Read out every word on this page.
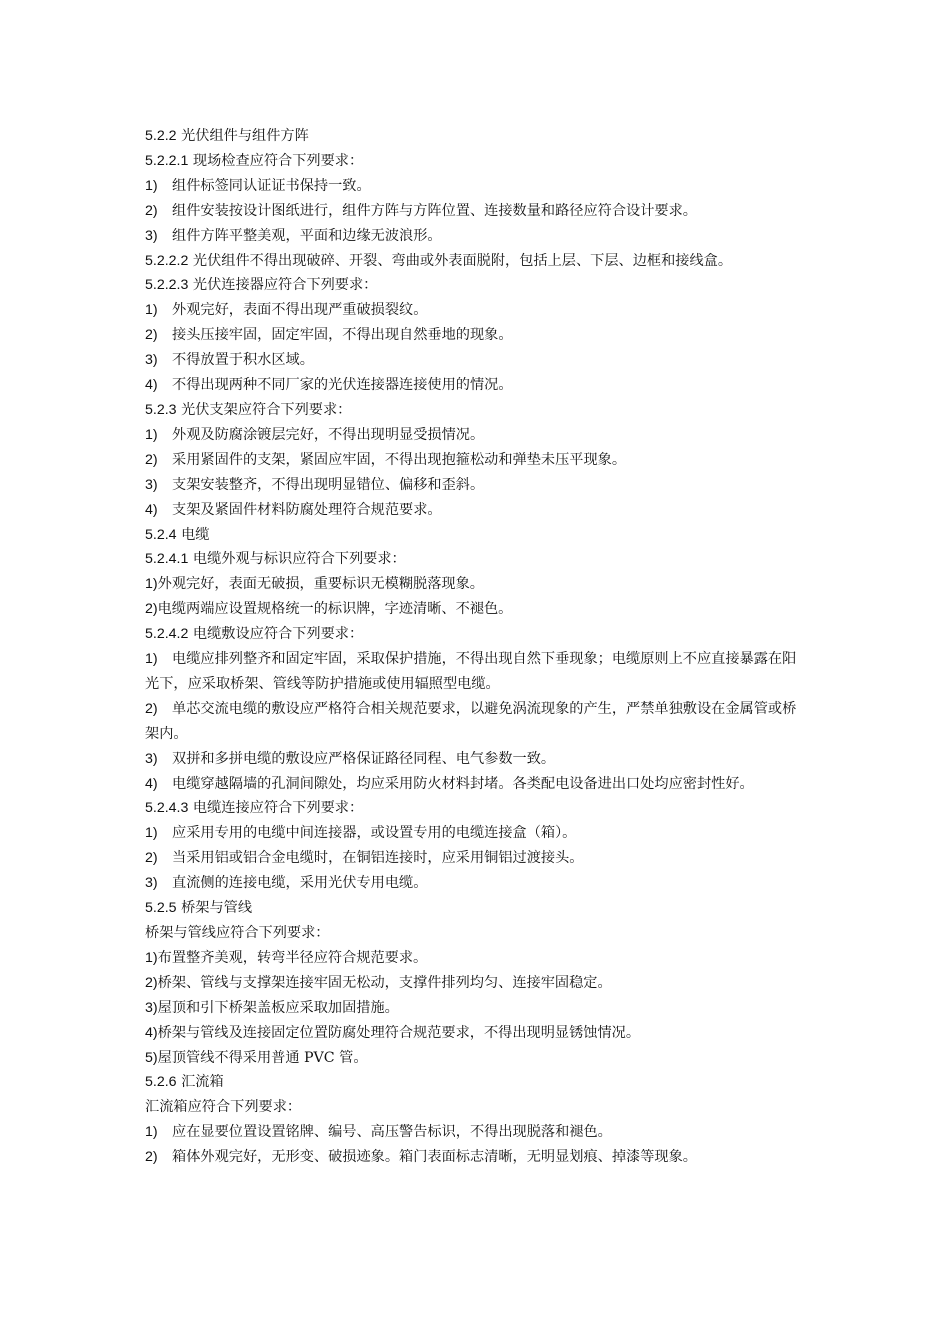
5.2.2 光伏组件与组件方阵
5.2.2.1 现场检查应符合下列要求：
1)	组件标签同认证证书保持一致。
2)	组件安装按设计图纸进行，组件方阵与方阵位置、连接数量和路径应符合设计要求。
3)	组件方阵平整美观，平面和边缘无波浪形。
5.2.2.2 光伏组件不得出现破碎、开裂、弯曲或外表面脱附，包括上层、下层、边框和接线盒。
5.2.2.3 光伏连接器应符合下列要求：
1)	外观完好，表面不得出现严重破损裂纹。
2)	接头压接牢固，固定牢固，不得出现自然垂地的现象。
3)	不得放置于积水区域。
4)	不得出现两种不同厂家的光伏连接器连接使用的情况。
5.2.3 光伏支架应符合下列要求：
1)	外观及防腐涂镀层完好，不得出现明显受损情况。
2)	采用紧固件的支架，紧固应牢固，不得出现抱箍松动和弹垫未压平现象。
3)	支架安装整齐，不得出现明显错位、偏移和歪斜。
4)	支架及紧固件材料防腐处理符合规范要求。
5.2.4 电缆
5.2.4.1 电缆外观与标识应符合下列要求：
1)外观完好，表面无破损，重要标识无模糊脱落现象。
2)电缆两端应设置规格统一的标识牌，字迹清晰、不褪色。
5.2.4.2 电缆敷设应符合下列要求：
1) 电缆应排列整齐和固定牢固，采取保护措施，不得出现自然下垂现象；电缆原则上不应直接暴露在阳光下，应采取桥架、管线等防护措施或使用辐照型电缆。
2) 单芯交流电缆的敷设应严格符合相关规范要求，以避免涡流现象的产生，严禁单独敷设在金属管或桥架内。
3)	双拼和多拼电缆的敷设应严格保证路径同程、电气参数一致。
4) 电缆穿越隔墙的孔洞间隙处，均应采用防火材料封堵。各类配电设备进出口处均应密封性好。
5.2.4.3 电缆连接应符合下列要求：
1)	应采用专用的电缆中间连接器，或设置专用的电缆连接盒（箱）。
2)	当采用铝或铝合金电缆时，在铜铝连接时，应采用铜铝过渡接头。
3)	直流侧的连接电缆，采用光伏专用电缆。
5.2.5 桥架与管线
桥架与管线应符合下列要求：
1)布置整齐美观，转弯半径应符合规范要求。
2)桥架、管线与支撑架连接牢固无松动，支撑件排列均匀、连接牢固稳定。
3)屋顶和引下桥架盖板应采取加固措施。
4)桥架与管线及连接固定位置防腐处理符合规范要求，不得出现明显锈蚀情况。
5)屋顶管线不得采用普通 PVC 管。
5.2.6 汇流箱
汇流箱应符合下列要求：
1)	应在显要位置设置铭牌、编号、高压警告标识，不得出现脱落和褪色。
2)	箱体外观完好，无形变、破损迹象。箱门表面标志清晰，无明显划痕、掉漆等现象。
